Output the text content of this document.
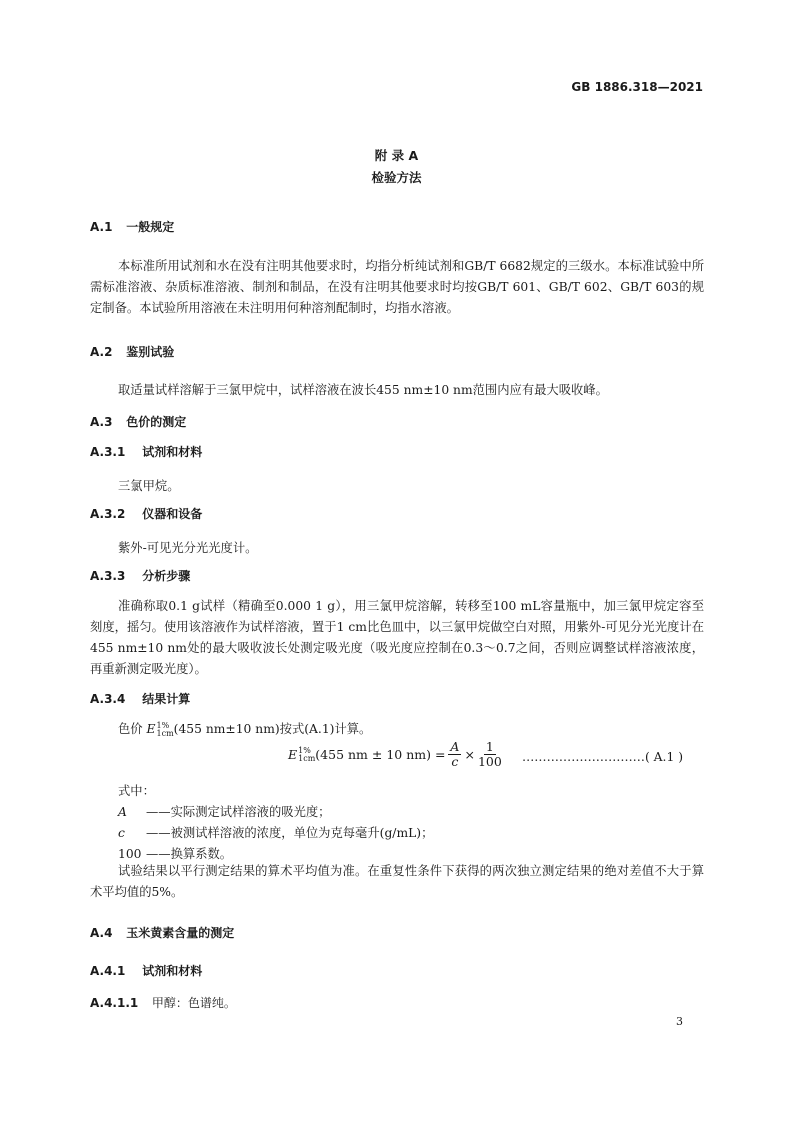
GB 1886.318—2021
附 录 A
检验方法
A.1 一般规定
本标准所用试剂和水在没有注明其他要求时，均指分析纯试剂和GB/T 6682规定的三级水。本标准试验中所需标准溶液、杂质标准溶液、制剂和制品，在没有注明其他要求时均按GB/T 601、GB/T 602、GB/T 603的规定制备。本试验所用溶液在未注明用何种溶剂配制时，均指水溶液。
A.2 鉴别试验
取适量试样溶解于三氯甲烷中，试样溶液在波长455 nm±10 nm范围内应有最大吸收峰。
A.3 色价的测定
A.3.1 试剂和材料
三氯甲烷。
A.3.2 仪器和设备
紫外-可见光分光光度计。
A.3.3 分析步骤
准确称取0.1 g试样（精确至0.000 1 g），用三氯甲烷溶解，转移至100 mL容量瓶中，加三氯甲烷定容至刻度，摇匀。使用该溶液作为试样溶液，置于1 cm比色皿中，以三氯甲烷做空白对照，用紫外-可见分光光度计在455 nm±10 nm处的最大吸收波长处测定吸光度（吸光度应控制在0.3～0.7之间，否则应调整试样溶液浓度，再重新测定吸光度）。
A.3.4 结果计算
色价 E 1%
1cm (455 nm±10 nm)按式(A.1)计算。
E 1%
1cm (455 nm ± 10 $nm) = \frac{A}{c} \times \frac{1}{100}$ …………………………( A.1 )
式中：
A ——实际测定试样溶液的吸光度；
c ——被测试样溶液的浓度，单位为克每毫升(g/mL)；
100 ——换算系数。
试验结果以平行测定结果的算术平均值为准。在重复性条件下获得的两次独立测定结果的绝对差值不大于算术平均值的5%。
A.4 玉米黄素含量的测定
A.4.1 试剂和材料
A.4.1.1 甲醇：色谱纯。
3
